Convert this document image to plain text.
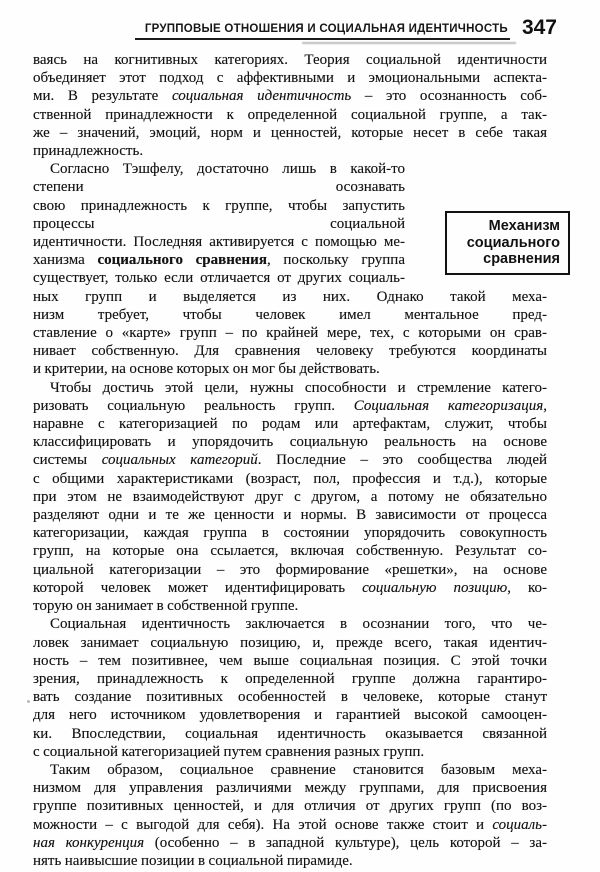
ГРУППОВЫЕ ОТНОШЕНИЯ И СОЦИАЛЬНАЯ ИДЕНТИЧНОСТЬ 347
ваясь на когнитивных категориях. Теория социальной идентичности
объединяет этот подход с аффективными и эмоциональными аспекта-
ми. В результате социальная идентичность – это осознанность соб-
ственной принадлежности к определенной социальной группе, а так-
же – значений, эмоций, норм и ценностей, которые несет в себе такая
принадлежность.
Механизм
социального
сравнения
Согласно Тэшфелу, достаточно лишь в какой-то степени осознавать
свою принадлежность к группе, чтобы запустить процессы социальной
идентичности. Последняя активируется с помощью ме-
ханизма социального сравнения, поскольку группа
существует, только если отличается от других социаль-
ных групп и выделяется из них. Однако такой меха-
низм требует, чтобы человек имел ментальное пред-
ставление о «карте» групп – по крайней мере, тех, с которыми он срав-
нивает собственную. Для сравнения человеку требуются координаты
и критерии, на основе которых он мог бы действовать.
Чтобы достичь этой цели, нужны способности и стремление катего-
ризовать социальную реальность групп. Социальная категоризация,
наравне с категоризацией по родам или артефактам, служит, чтобы
классифицировать и упорядочить социальную реальность на основе
системы социальных категорий. Последние – это сообщества людей
с общими характеристиками (возраст, пол, профессия и т.д.), которые
при этом не взаимодействуют друг с другом, а потому не обязательно
разделяют одни и те же ценности и нормы. В зависимости от процесса
категоризации, каждая группа в состоянии упорядочить совокупность
групп, на которые она ссылается, включая собственную. Результат со-
циальной категоризации – это формирование «решетки», на основе
которой человек может идентифицировать социальную позицию, ко-
торую он занимает в собственной группе.
Социальная идентичность заключается в осознании того, что че-
ловек занимает социальную позицию, и, прежде всего, такая идентич-
ность – тем позитивнее, чем выше социальная позиция. С этой точки
зрения, принадлежность к определенной группе должна гарантиро-
вать создание позитивных особенностей в человеке, которые станут
для него источником удовлетворения и гарантией высокой самооцен-
ки. Впоследствии, социальная идентичность оказывается связанной
с социальной категоризацией путем сравнения разных групп.
Таким образом, социальное сравнение становится базовым меха-
низмом для управления различиями между группами, для присвоения
группе позитивных ценностей, и для отличия от других групп (по воз-
можности – с выгодой для себя). На этой основе также стоит и социаль-
ная конкуренция (особенно – в западной культуре), цель которой – за-
нять наивысшие позиции в социальной пирамиде.
